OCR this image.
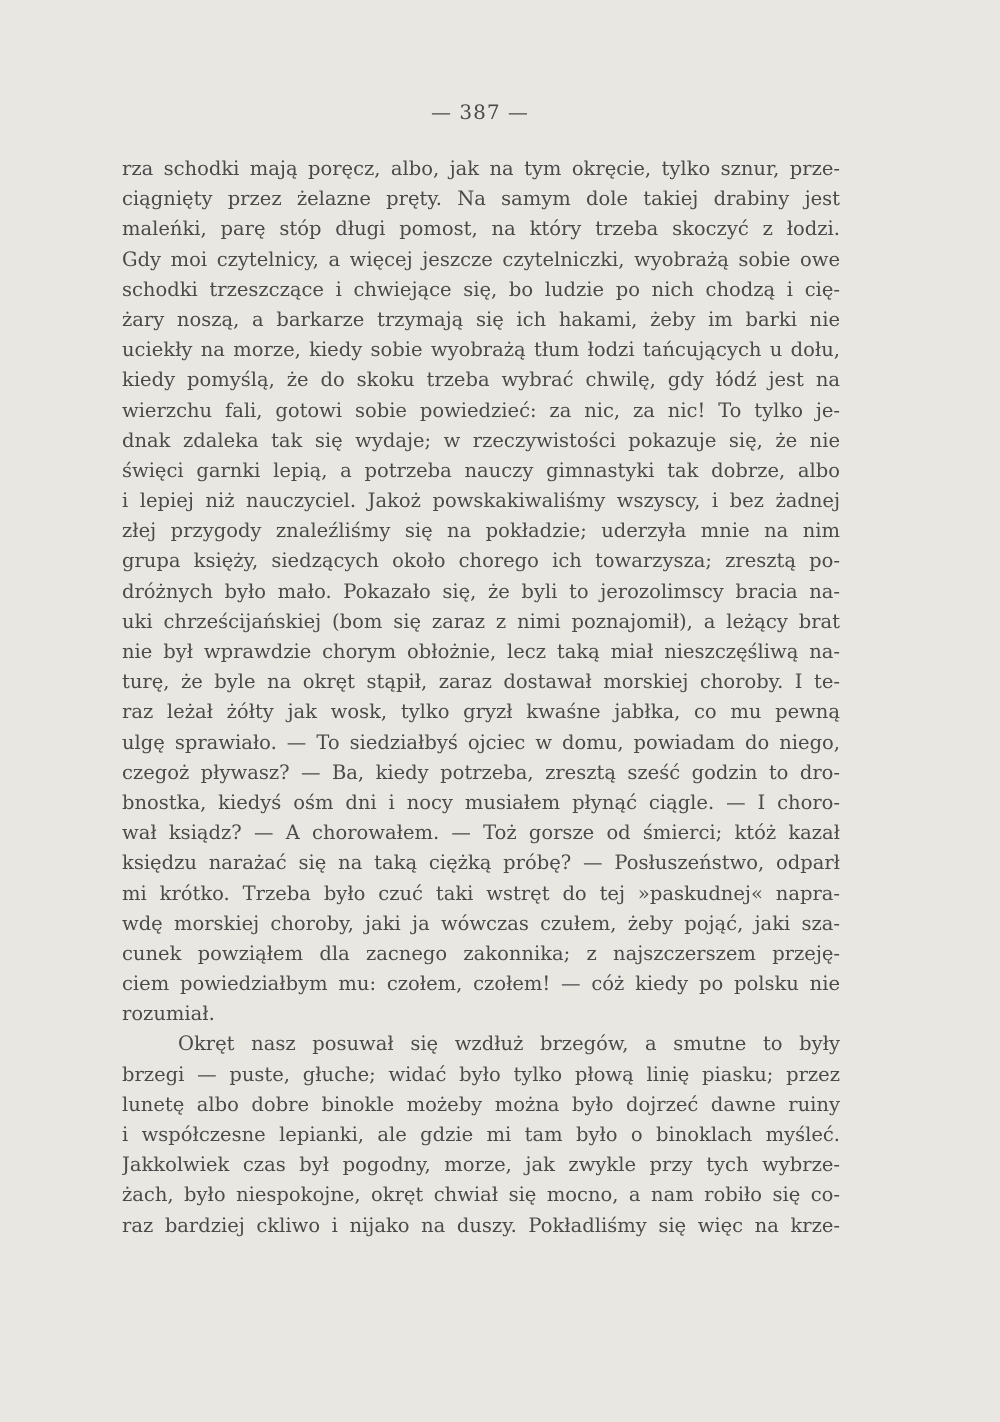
— 387 —
rza schodki mają poręcz, albo, jak na tym okręcie, tylko sznur, prze-
ciągnięty przez żelazne pręty. Na samym dole takiej drabiny jest
maleńki, parę stóp długi pomost, na który trzeba skoczyć z łodzi.
Gdy moi czytelnicy, a więcej jeszcze czytelniczki, wyobrażą sobie owe
schodki trzeszczące i chwiejące się, bo ludzie po nich chodzą i cię-
żary noszą, a barkarze trzymają się ich hakami, żeby im barki nie
uciekły na morze, kiedy sobie wyobrażą tłum łodzi tańcujących u dołu,
kiedy pomyślą, że do skoku trzeba wybrać chwilę, gdy łódź jest na
wierzchu fali, gotowi sobie powiedzieć: za nic, za nic! To tylko je-
dnak zdaleka tak się wydaje; w rzeczywistości pokazuje się, że nie
święci garnki lepią, a potrzeba nauczy gimnastyki tak dobrze, albo
i lepiej niż nauczyciel. Jakoż powskakiwaliśmy wszyscy, i bez żadnej
złej przygody znaleźliśmy się na pokładzie; uderzyła mnie na nim
grupa księży, siedzących około chorego ich towarzysza; zresztą po-
dróżnych było mało. Pokazało się, że byli to jerozolimscy bracia na-
uki chrześcijańskiej (bom się zaraz z nimi poznajomił), a leżący brat
nie był wprawdzie chorym obłożnie, lecz taką miał nieszczęśliwą na-
turę, że byle na okręt stąpił, zaraz dostawał morskiej choroby. I te-
raz leżał żółty jak wosk, tylko gryzł kwaśne jabłka, co mu pewną
ulgę sprawiało. — To siedziałbyś ojciec w domu, powiadam do niego,
czegoż pływasz? — Ba, kiedy potrzeba, zresztą sześć godzin to dro-
bnostka, kiedyś ośm dni i nocy musiałem płynąć ciągle. — I choro-
wał ksiądz? — A chorowałem. — Toż gorsze od śmierci; któż kazał
księdzu narażać się na taką ciężką próbę? — Posłuszeństwo, odparł
mi krótko. Trzeba było czuć taki wstręt do tej »paskudnej« napra-
wdę morskiej choroby, jaki ja wówczas czułem, żeby pojąć, jaki sza-
cunek powziąłem dla zacnego zakonnika; z najszczerszem przeję-
ciem powiedziałbym mu: czołem, czołem! — cóż kiedy po polsku nie
rozumiał.
Okręt nasz posuwał się wzdłuż brzegów, a smutne to były
brzegi — puste, głuche; widać było tylko płową linię piasku; przez
lunetę albo dobre binokle możeby można było dojrzeć dawne ruiny
i współczesne lepianki, ale gdzie mi tam było o binoklach myśleć.
Jakkolwiek czas był pogodny, morze, jak zwykle przy tych wybrze-
żach, było niespokojne, okręt chwiał się mocno, a nam robiło się co-
raz bardziej ckliwo i nijako na duszy. Pokładliśmy się więc na krze-
